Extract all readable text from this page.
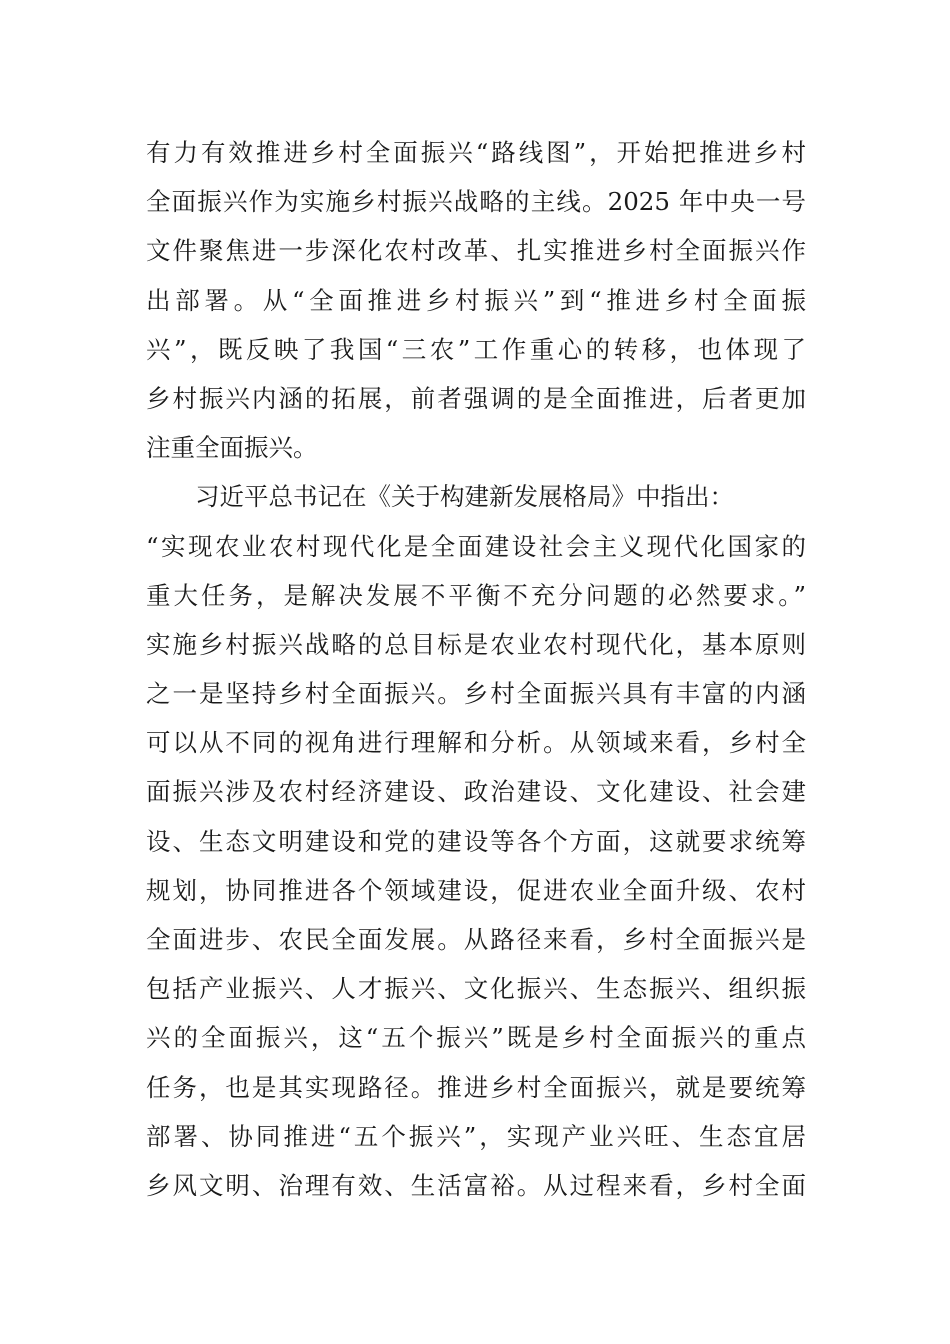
有力有效推进乡村全面振兴“路线图”，开始把推进乡村
全面振兴作为实施乡村振兴战略的主线。2025 年中央一号
文件聚焦进一步深化农村改革、扎实推进乡村全面振兴作
出部署。从“全面推进乡村振兴”到“推进乡村全面振
兴”，既反映了我国“三农”工作重心的转移，也体现了
乡村振兴内涵的拓展，前者强调的是全面推进，后者更加
注重全面振兴。
习近平总书记在《关于构建新发展格局》中指出：
“实现农业农村现代化是全面建设社会主义现代化国家的
重大任务，是解决发展不平衡不充分问题的必然要求。”
实施乡村振兴战略的总目标是农业农村现代化，基本原则
之一是坚持乡村全面振兴。乡村全面振兴具有丰富的内涵
可以从不同的视角进行理解和分析。从领域来看，乡村全
面振兴涉及农村经济建设、政治建设、文化建设、社会建
设、生态文明建设和党的建设等各个方面，这就要求统筹
规划，协同推进各个领域建设，促进农业全面升级、农村
全面进步、农民全面发展。从路径来看，乡村全面振兴是
包括产业振兴、人才振兴、文化振兴、生态振兴、组织振
兴的全面振兴，这“五个振兴”既是乡村全面振兴的重点
任务，也是其实现路径。推进乡村全面振兴，就是要统筹
部署、协同推进“五个振兴”，实现产业兴旺、生态宜居
乡风文明、治理有效、生活富裕。从过程来看，乡村全面
